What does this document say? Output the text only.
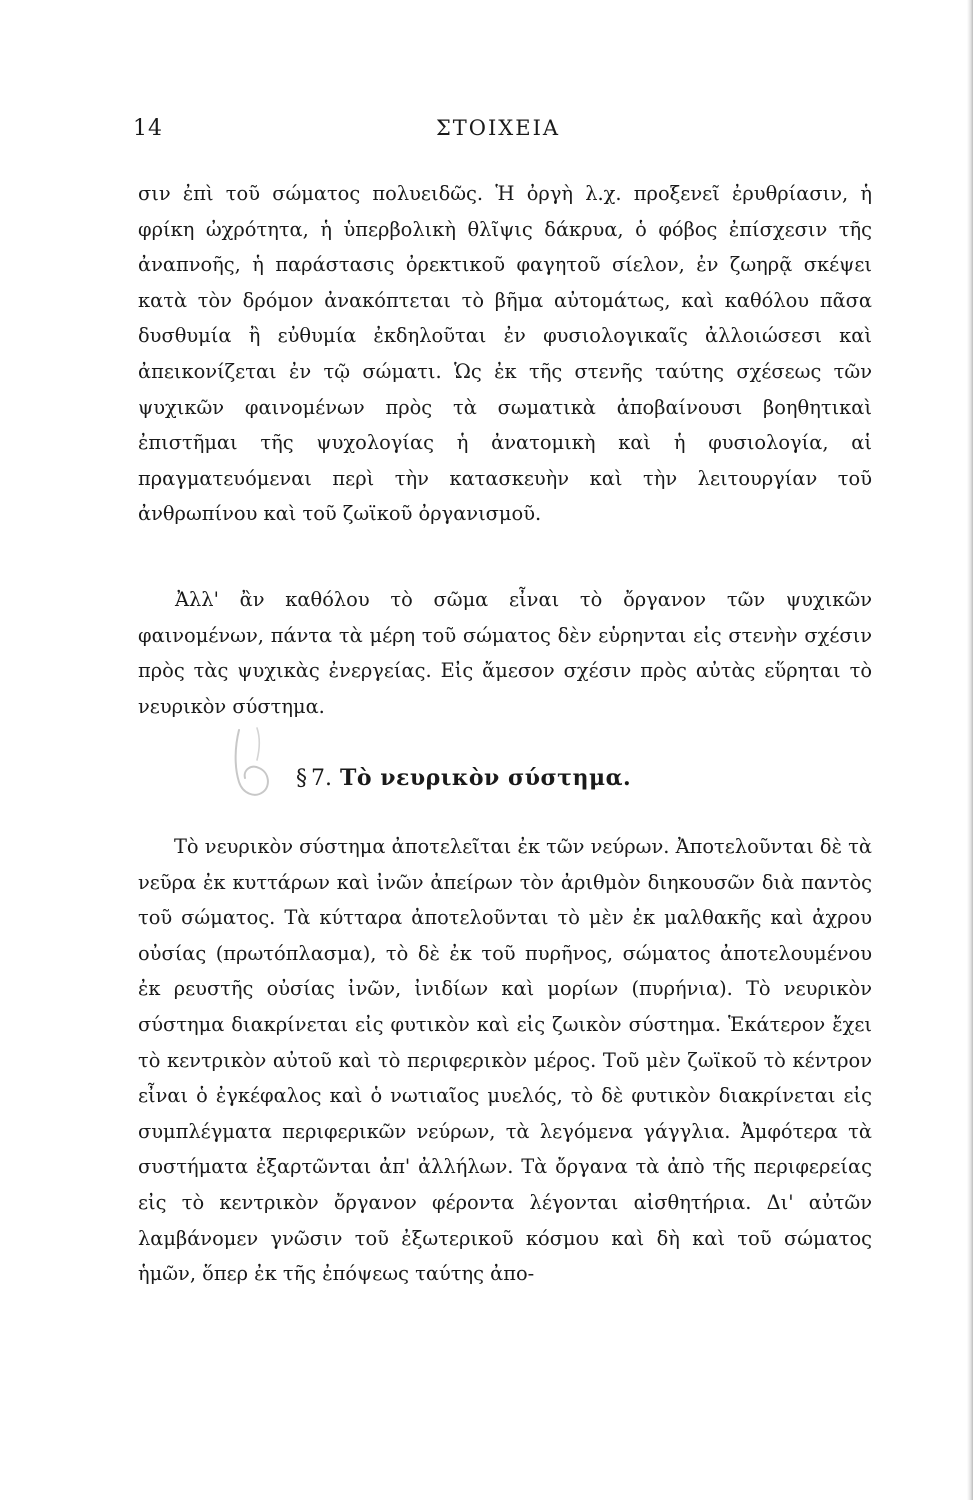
14	ΣΤΟΙΧΕΙΑ

σιν ἐπὶ τοῦ σώματος πολυειδῶς. Ἡ ὀργὴ λ.χ. προξενεῖ ἐρυθρίασιν, ἡ φρίκη ὠχρότητα, ἡ ὑπερβολικὴ θλῖψις δάκρυα, ὁ φόβος ἐπίσχεσιν τῆς ἀναπνοῆς, ἡ παράστασις ὀρεκτικοῦ φαγητοῦ σίελον, ἐν ζωηρᾷ σκέψει κατὰ τὸν δρόμον ἀνακόπτεται τὸ βῆμα αὐτομάτως, καὶ καθόλου πᾶσα δυσθυμία ἢ εὐθυμία ἐκδηλοῦται ἐν φυσιολογικαῖς ἀλλοιώσεσι καὶ ἀπεικονίζεται ἐν τῷ σώματι. Ὡς ἐκ τῆς στενῆς ταύτης σχέσεως τῶν ψυχικῶν φαινομένων πρὸς τὰ σωματικὰ ἀποβαίνουσι βοηθητικαὶ ἐπιστῆμαι τῆς ψυχολογίας ἡ ἀνατομικὴ καὶ ἡ φυσιολογία, αἱ πραγματευόμεναι περὶ τὴν κατασκευὴν καὶ τὴν λειτουργίαν τοῦ ἀνθρωπίνου καὶ τοῦ ζωϊκοῦ ὀργανισμοῦ.

Ἀλλ' ἂν καθόλου τὸ σῶμα εἶναι τὸ ὄργανον τῶν ψυχικῶν φαινομένων, πάντα τὰ μέρη τοῦ σώματος δὲν εὑρηνται εἰς στενὴν σχέσιν πρὸς τὰς ψυχικὰς ἐνεργείας. Εἰς ἄμεσον σχέσιν πρὸς αὐτὰς εὕρηται τὸ νευρικὸν σύστημα.

§ 7. Τὸ νευρικὸν σύστημα.

Τὸ νευρικὸν σύστημα ἀποτελεῖται ἐκ τῶν νεύρων. Ἀποτελοῦνται δὲ τὰ νεῦρα ἐκ κυττάρων καὶ ἰνῶν ἀπείρων τὸν ἀριθμὸν διηκουσῶν διὰ παντὸς τοῦ σώματος. Τὰ κύτταρα ἀποτελοῦνται τὸ μὲν ἐκ μαλθακῆς καὶ ἀχρου οὐσίας (πρωτόπλασμα), τὸ δὲ ἐκ τοῦ πυρῆνος, σώματος ἀποτελουμένου ἐκ ρευστῆς οὐσίας ἰνῶν, ἰνιδίων καὶ μορίων (πυρήνια). Τὸ νευρικὸν σύστημα διακρίνεται εἰς φυτικὸν καὶ εἰς ζωικὸν σύστημα. Ἑκάτερον ἔχει τὸ κεντρικὸν αὐτοῦ καὶ τὸ περιφερικὸν μέρος. Τοῦ μὲν ζωϊκοῦ τὸ κέντρον εἶναι ὁ ἐγκέφαλος καὶ ὁ νωτιαῖος μυελός, τὸ δὲ φυτικὸν διακρίνεται εἰς συμπλέγματα περιφερικῶν νεύρων, τὰ λεγόμενα γάγγλια. Ἀμφότερα τὰ συστήματα ἐξαρτῶνται ἀπ' ἀλλήλων. Τὰ ὄργανα τὰ ἀπὸ τῆς περιφερείας εἰς τὸ κεντρικὸν ὄργανον φέροντα λέγονται αἰσθητήρια. Δι' αὐτῶν λαμβάνομεν γνῶσιν τοῦ ἐξωτερικοῦ κόσμου καὶ δὴ καὶ τοῦ σώματος ἡμῶν, ὅπερ ἐκ τῆς ἐπόψεως ταύτης ἀπο-
